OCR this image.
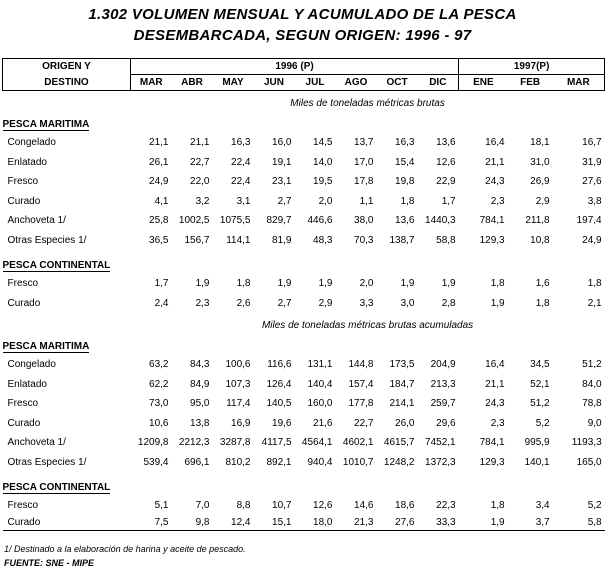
1.302 VOLUMEN MENSUAL Y ACUMULADO DE LA PESCA
DESEMBARCADA, SEGUN ORIGEN: 1996 - 97
ORIGEN Y	1996 (P)								1997(P)		
DESTINO	MAR	ABR	MAY	JUN	JUL	AGO	OCT	DIC	ENE	FEB	MAR
	Miles de toneladas métricas brutas										
PESCA MARITIMA											
Congelado	21,1	21,1	16,3	16,0	14,5	13,7	16,3	13,6	16,4	18,1	16,7
Enlatado	26,1	22,7	22,4	19,1	14,0	17,0	15,4	12,6	21,1	31,0	31,9
Fresco	24,9	22,0	22,4	23,1	19,5	17,8	19,8	22,9	24,3	26,9	27,6
Curado	4,1	3,2	3,1	2,7	2,0	1,1	1,8	1,7	2,3	2,9	3,8
Anchoveta 1/	25,8	1002,5	1075,5	829,7	446,6	38,0	13,6	1440,3	784,1	211,8	197,4
Otras Especies 1/	36,5	156,7	114,1	81,9	48,3	70,3	138,7	58,8	129,3	10,8	24,9

PESCA CONTINENTAL											
Fresco	1,7	1,9	1,8	1,9	1,9	2,0	1,9	1,9	1,8	1,6	1,8
Curado	2,4	2,3	2,6	2,7	2,9	3,3	3,0	2,8	1,9	1,8	2,1
	Miles de toneladas métricas brutas acumuladas										
PESCA MARITIMA											
Congelado	63,2	84,3	100,6	116,6	131,1	144,8	173,5	204,9	16,4	34,5	51,2
Enlatado	62,2	84,9	107,3	126,4	140,4	157,4	184,7	213,3	21,1	52,1	84,0
Fresco	73,0	95,0	117,4	140,5	160,0	177,8	214,1	259,7	24,3	51,2	78,8
Curado	10,6	13,8	16,9	19,6	21,6	22,7	26,0	29,6	2,3	5,2	9,0
Anchoveta 1/	1209,8	2212,3	3287,8	4117,5	4564,1	4602,1	4615,7	7452,1	784,1	995,9	1193,3
Otras Especies 1/	539,4	696,1	810,2	892,1	940,4	1010,7	1248,2	1372,3	129,3	140,1	165,0

PESCA CONTINENTAL											
Fresco	5,1	7,0	8,8	10,7	12,6	14,6	18,6	22,3	1,8	3,4	5,2
Curado	7,5	9,8	12,4	15,1	18,0	21,3	27,6	33,3	1,9	3,7	5,8
1/ Destinado a la elaboración de harina y aceite de pescado.
FUENTE: SNE - MIPE
